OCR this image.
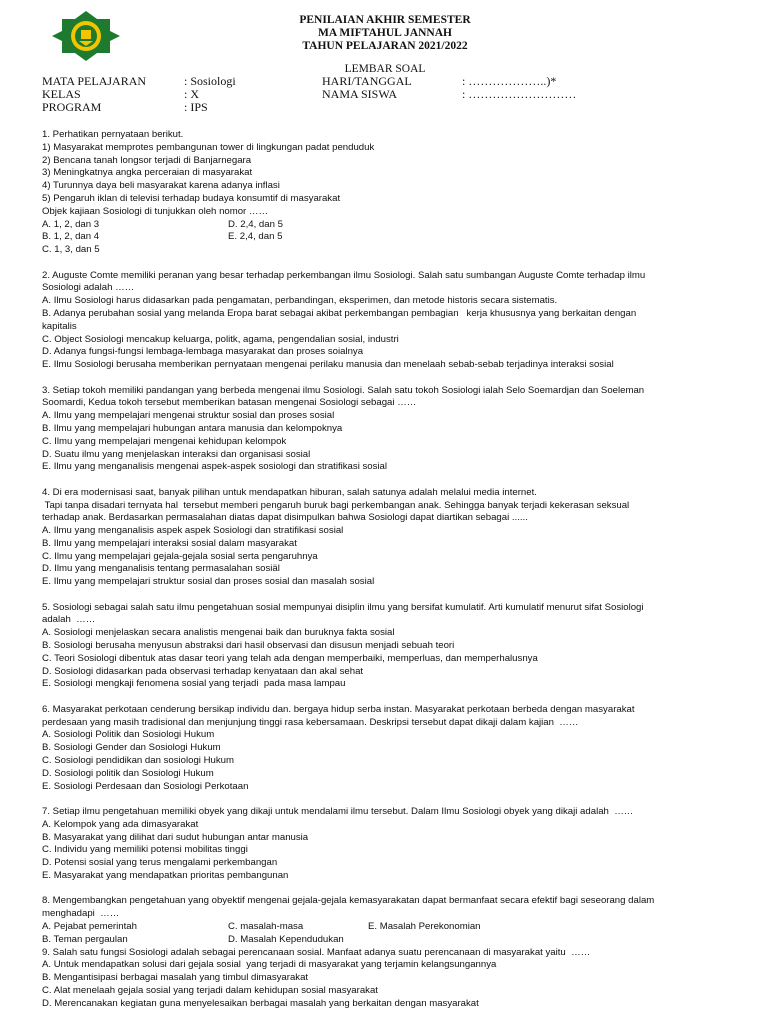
PENILAIAN AKHIR SEMESTER
MA MIFTAHUL JANNAH
TAHUN PELAJARAN 2021/2022
LEMBAR SOAL
MATA PELAJARAN	: Sosiologi
KELAS	: X
PROGRAM	: IPS
HARI/TANGGAL	: ………………..)*
NAMA SISWA	: ………………………
1. Perhatikan pernyataan berikut.
1) Masyarakat memprotes pembangunan tower di lingkungan padat penduduk
2) Bencana tanah longsor terjadi di Banjarnegara
3) Meningkatnya angka perceraian di masyarakat
4) Turunnya daya beli masyarakat karena adanya inflasi
5) Pengaruh iklan di televisi terhadap budaya konsumtif di masyarakat
Objek kajiaan Sosiologi di tunjukkan oleh nomor ……
A. 1, 2, dan 3	D. 2,4, dan 5
B. 1, 2, dan 4	E. 2,4, dan 5
C. 1, 3, dan 5
2. Auguste Comte memiliki peranan yang besar terhadap perkembangan ilmu Sosiologi. Salah satu sumbangan Auguste Comte terhadap ilmu
Sosiologi adalah ……
A. Ilmu Sosiologi harus didasarkan pada pengamatan, perbandingan, eksperimen, dan metode historis secara sistematis.
B. Adanya perubahan sosial yang melanda Eropa barat sebagai akibat perkembangan pembagian   kerja khususnya yang berkaitan dengan
kapitalis
C. Object Sosiologi mencakup keluarga, politk, agama, pengendalian sosial, industri
D. Adanya fungsi-fungsi lembaga-lembaga masyarakat dan proses soialnya
E. Ilmu Sosiologi berusaha memberikan pernyataan mengenai perilaku manusia dan menelaah sebab-sebab terjadinya interaksi sosial
3. Setiap tokoh memiliki pandangan yang berbeda mengenai ilmu Sosiologi. Salah satu tokoh Sosiologi ialah Selo Soemardjan dan Soeleman
Soomardi, Kedua tokoh tersebut memberikan batasan mengenai Sosiologi sebagai ……
A. Ilmu yang mempelajari mengenai struktur sosial dan proses sosial
B. Ilmu yang mempelajari hubungan antara manusia dan kelompoknya
C. Ilmu yang mempelajari mengenai kehidupan kelompok
D. Suatu ilmu yang menjelaskan interaksi dan organisasi sosial
E. Ilmu yang menganalisis mengenai aspek-aspek sosiologi dan stratifikasi sosial
4. Di era modernisasi saat, banyak pilihan untuk mendapatkan hiburan, salah satunya adalah melalui media internet.
Tapi tanpa disadari ternyata hal  tersebut memberi pengaruh buruk bagi perkembangan anak. Sehingga banyak terjadi kekerasan seksual
terhadap anak. Berdasarkan permasalahan diatas dapat disimpulkan bahwa Sosiologi dapat diartikan sebagai ......
A. Ilmu yang menganalisis aspek aspek Sosiologi dan stratifikasi sosial
B. Ilmu yang mempelajari interaksi sosial dalam masyarakat
C. Ilmu yang mempelajari gejala-gejala sosial serta pengaruhnya
D. Ilmu yang menganalisis tentang permasalahan sosiäl
E. Ilmu yang mempelajari struktur sosial dan proses sosial dan masalah sosial
5. Sosiologi sebagai salah satu ilmu pengetahuan sosial mempunyai disiplin ilmu yang bersifat kumulatif. Arti kumulatif menurut sifat Sosiologi
adalah  ……
A. Sosiologi menjelaskan secara analistis mengenai baik dan buruknya fakta sosial
B. Sosiologi berusaha menyusun abstraksi dari hasil observasi dan disusun menjadi sebuah teori
C. Teori Sosiologi dibentuk atas dasar teori yang telah ada dengan memperbaiki, memperluas, dan memperhalusnya
D. Sosiologi didasarkan pada observasi terhadap kenyataan dan akal sehat
E. Sosiologi mengkaji fenomena sosial yang terjadi  pada masa lampau
6. Masyarakat perkotaan cenderung bersikap individu dan. bergaya hidup serba instan. Masyarakat perkotaan berbeda dengan masyarakat
perdesaan yang masih tradisional dan menjunjung tinggi rasa kebersamaan. Deskripsi tersebut dapat dikaji dalam kajian  ……
A. Sosiologi Politik dan Sosiologi Hukum
B. Sosiologi Gender dan Sosiologi Hukum
C. Sosiologi pendidikan dan sosiologi Hukum
D. Sosiologi politik dan Sosiologi Hukum
E. Sosiologi Perdesaan dan Sosiologi Perkotaan
7. Setiap ilmu pengetahuan memiliki obyek yang dikaji untuk mendalami ilmu tersebut. Dalam Ilmu Sosiologi obyek yang dikaji adalah  ……
A. Kelompok yang ada dimasyarakat
B. Masyarakat yang dilihat dari sudut hubungan antar manusia
C. Individu yang memiliki potensi mobilitas tinggi
D. Potensi sosial yang terus mengalami perkembangan
E. Masyarakat yang mendapatkan prioritas pembangunan
8. Mengembangkan pengetahuan yang obyektif mengenai gejala-gejala kemasyarakatan dapat bermanfaat secara efektif bagi seseorang dalam
menghadapi  ……
A. Pejabat pemerintah	C. masalah-masa	E. Masalah Perekonomian
B. Teman pergaulan	D. Masalah Kependudukan
9. Salah satu fungsi Sosiologi adalah sebagai perencanaan sosial. Manfaat adanya suatu perencanaan di masyarakat yaitu  ……
A. Untuk mendapatkan solusi dari gejala sosial  yang terjadi di masyarakat yang terjamin kelangsungannya
B. Mengantisipasi berbagai masalah yang timbul dimasyarakat
C. Alat menelaah gejala sosial yang terjadi dalam kehidupan sosial masyarakat
D. Merencanakan kegiatan guna menyelesaikan berbagai masalah yang berkaitan dengan masyarakat
